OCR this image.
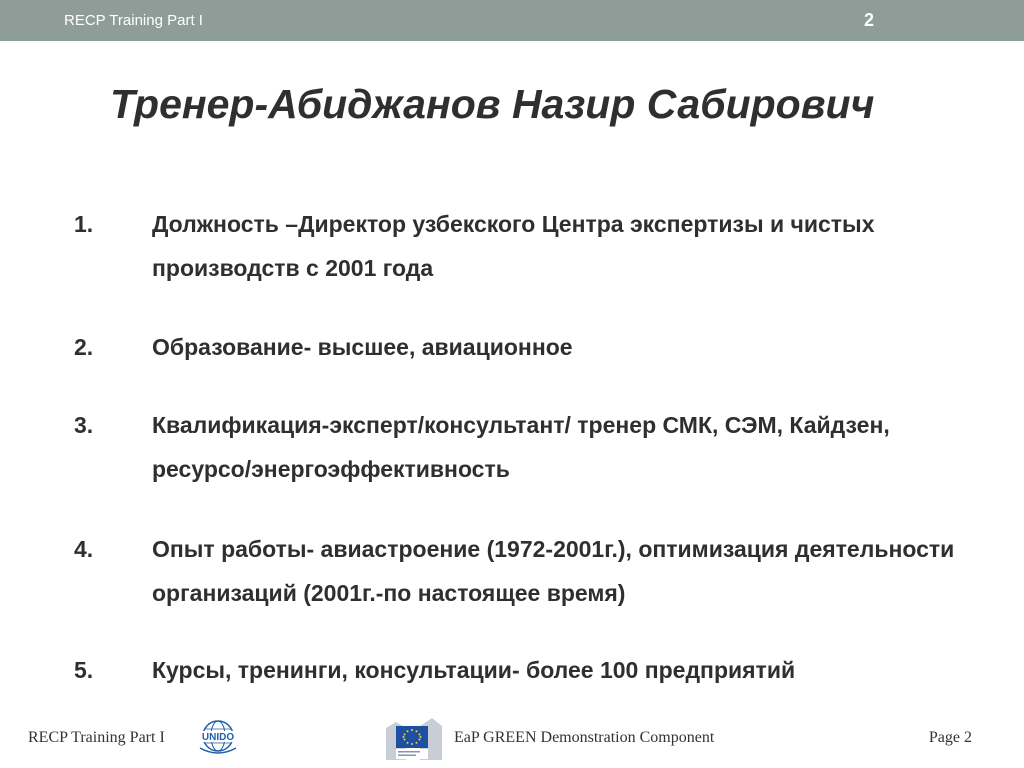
RECP Training Part I	2
Тренер-Абиджанов Назир Сабирович
1.	Должность –Директор узбекского Центра экспертизы и чистых производств с 2001 года
2.	Образование- высшее, авиационное
3.	Квалификация-эксперт/консультант/ тренер СМК, СЭМ, Кайдзен, ресурсо/энергоэффективность
4.	Опыт работы- авиастроение (1972-2001г.), оптимизация деятельности организаций (2001г.-по настоящее время)
5.	Курсы, тренинги, консультации- более 100 предприятий
RECP Training Part I	UNIDO	EaP GREEN Demonstration Component	Page 2
